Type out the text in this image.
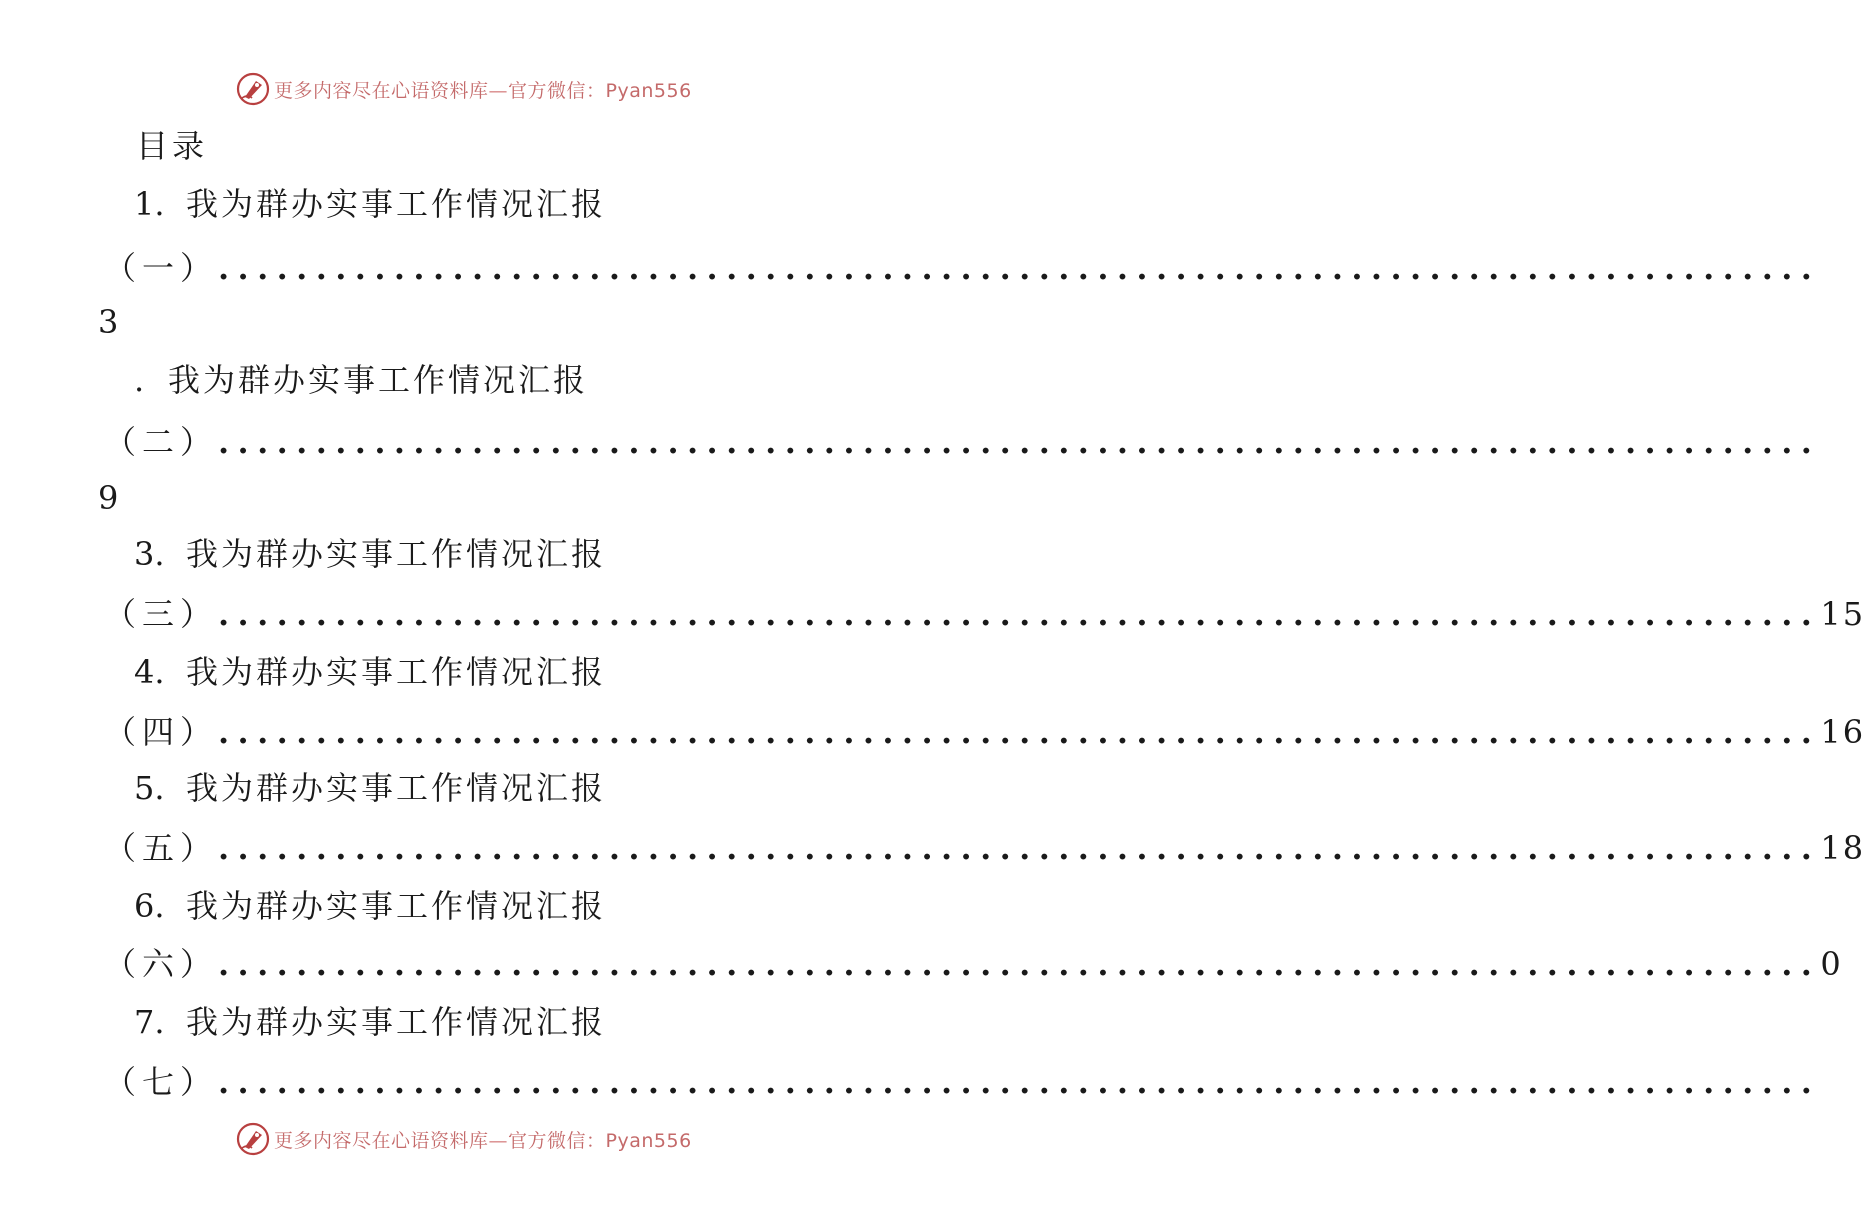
更多内容尽在心语资料库—官方微信：Pyan556
目录
1. 我为群办实事工作情况汇报
（一） ..................................................................................
3
. 我为群办实事工作情况汇报
（二） ..................................................................................
9
3. 我为群办实事工作情况汇报
（三） .................................................................................. 15
4. 我为群办实事工作情况汇报
（四） .................................................................................. 16
5. 我为群办实事工作情况汇报
（五） .................................................................................. 18
6. 我为群办实事工作情况汇报
（六） .................................................................................. 0
7. 我为群办实事工作情况汇报
（七） ..................................................................................
更多内容尽在心语资料库—官方微信：Pyan556
